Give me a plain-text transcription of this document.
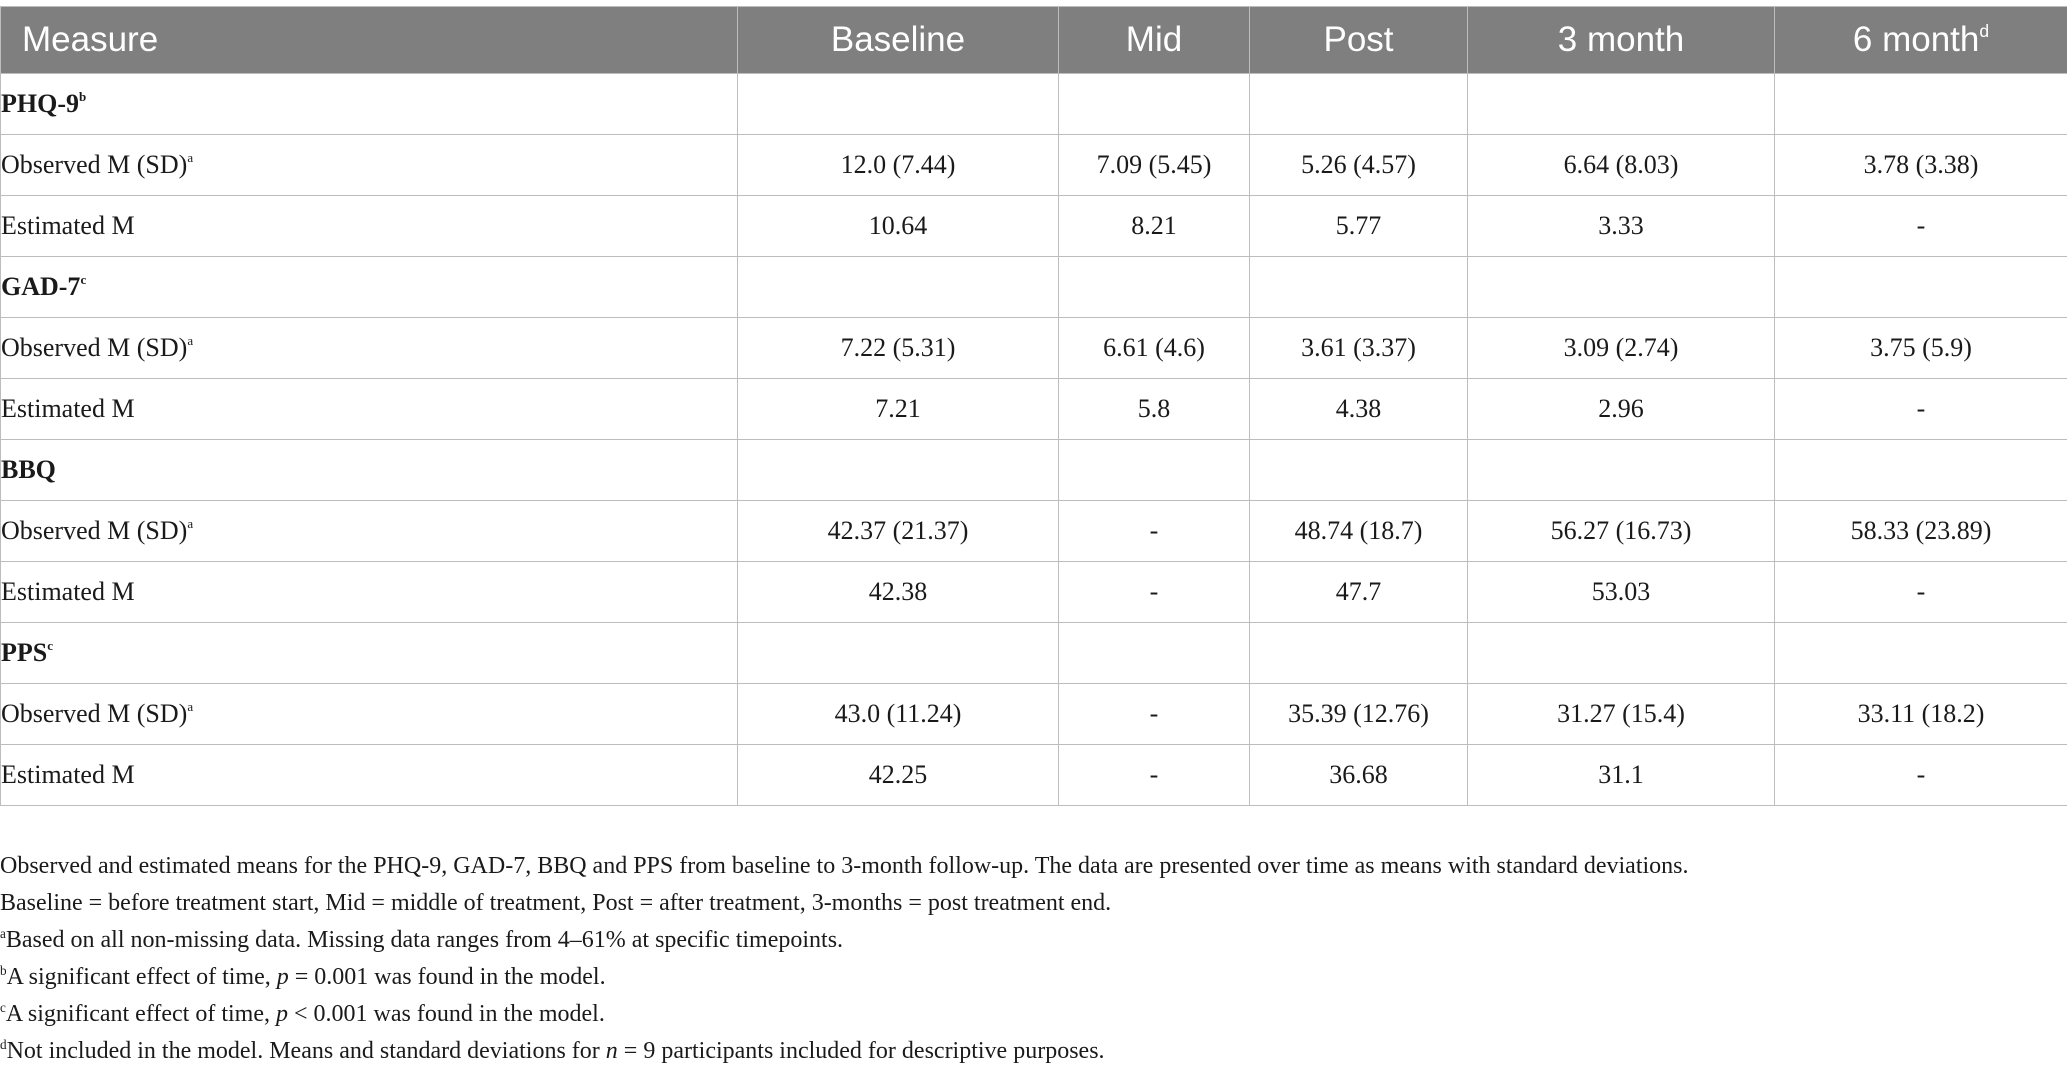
Measure	Baseline	Mid	Post	3 month	6 month$^d$
PHQ-9$^b$					
Observed M (SD)$^a$	12.0 (7.44)	7.09 (5.45)	5.26 (4.57)	6.64 (8.03)	3.78 (3.38)
Estimated M	10.64	8.21	5.77	3.33	-
GAD-7$^c$					
Observed M (SD)$^a$	7.22 (5.31)	6.61 (4.6)	3.61 (3.37)	3.09 (2.74)	3.75 (5.9)
Estimated M	7.21	5.8	4.38	2.96	-
BBQ					
Observed M (SD)$^a$	42.37 (21.37)	-	48.74 (18.7)	56.27 (16.73)	58.33 (23.89)
Estimated M	42.38	-	47.7	53.03	-
PPS$^c$					
Observed M (SD)$^a$	43.0 (11.24)	-	35.39 (12.76)	31.27 (15.4)	33.11 (18.2)
Estimated M	42.25	-	36.68	31.1	-

Observed and estimated means for the PHQ-9, GAD-7, BBQ and PPS from baseline to 3-month follow-up. The data are presented over time as means with standard deviations.

Baseline = before treatment start, Mid = middle of treatment, Post = after treatment, 3-months = post treatment end.

$^a$Based on all non-missing data. Missing data ranges from 4–61% at specific timepoints.

$^b$A significant effect of time, p = 0.001 was found in the model.

$^c$A significant effect of time, p < 0.001 was found in the model.

$^d$Not included in the model. Means and standard deviations for n = 9 participants included for descriptive purposes.
